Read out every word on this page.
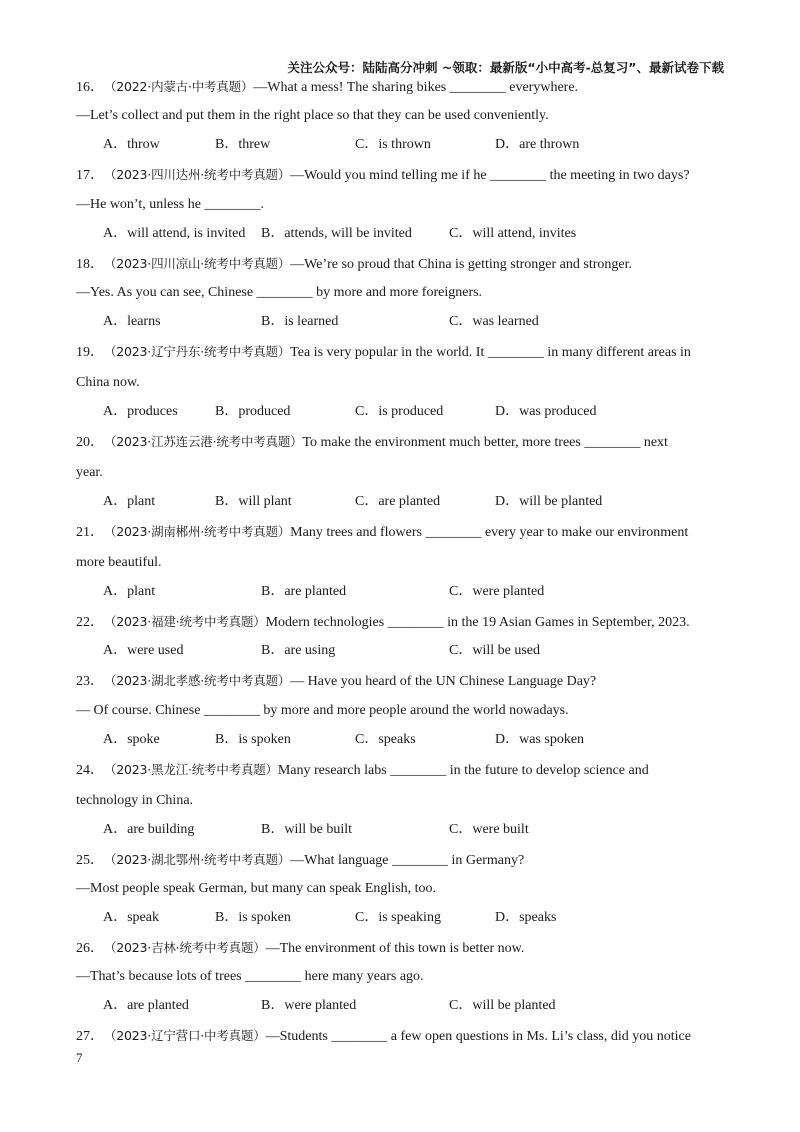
关注公众号：陆陆高分冲刺 ~领取：最新版“小中高考-总复习”、最新试卷下载
16．（2022·内蒙古·中考真题）—What a mess! The sharing bikes ________ everywhere.
—Let’s collect and put them in the right place so that they can be used conveniently.
A．throw	B．threw	C．is thrown	D．are thrown
17．（2023·四川达州·统考中考真题）—Would you mind telling me if he ________ the meeting in two days?
—He won’t, unless he ________.
A．will attend, is invited B．attends, will be invited	C．will attend, invites
18．（2023·四川凉山·统考中考真题）—We’re so proud that China is getting stronger and stronger.
—Yes. As you can see, Chinese ________ by more and more foreigners.
A．learns	B．is learned	C．was learned
19．（2023·辽宁丹东·统考中考真题）Tea is very popular in the world. It ________ in many different areas in
China now.
A．produces	B．produced	C．is produced	D．was produced
20．（2023·江苏连云港·统考中考真题）To make the environment much better, more trees ________ next
year.
A．plant	B．will plant	C．are planted	D．will be planted
21．（2023·湖南郴州·统考中考真题）Many trees and flowers ________ every year to make our environment
more beautiful.
A．plant	B．are planted	C．were planted
22．（2023·福建·统考中考真题）Modern technologies ________ in the 19 Asian Games in September, 2023.
A．were used	B．are using	C．will be used
23．（2023·湖北孝感·统考中考真题）— Have you heard of the UN Chinese Language Day?
— Of course. Chinese ________ by more and more people around the world nowadays.
A．spoke	B．is spoken	C．speaks	D．was spoken
24．（2023·黑龙江·统考中考真题）Many research labs ________ in the future to develop science and
technology in China.
A．are building	B．will be built	C．were built
25．（2023·湖北鄂州·统考中考真题）—What language ________ in Germany?
—Most people speak German, but many can speak English, too.
A．speak	B．is spoken	C．is speaking	D．speaks
26．（2023·吉林·统考中考真题）—The environment of this town is better now.
—That’s because lots of trees ________ here many years ago.
A．are planted	B．were planted	C．will be planted
27．（2023·辽宁营口·中考真题）—Students ________ a few open questions in Ms. Li’s class, did you notice
7
